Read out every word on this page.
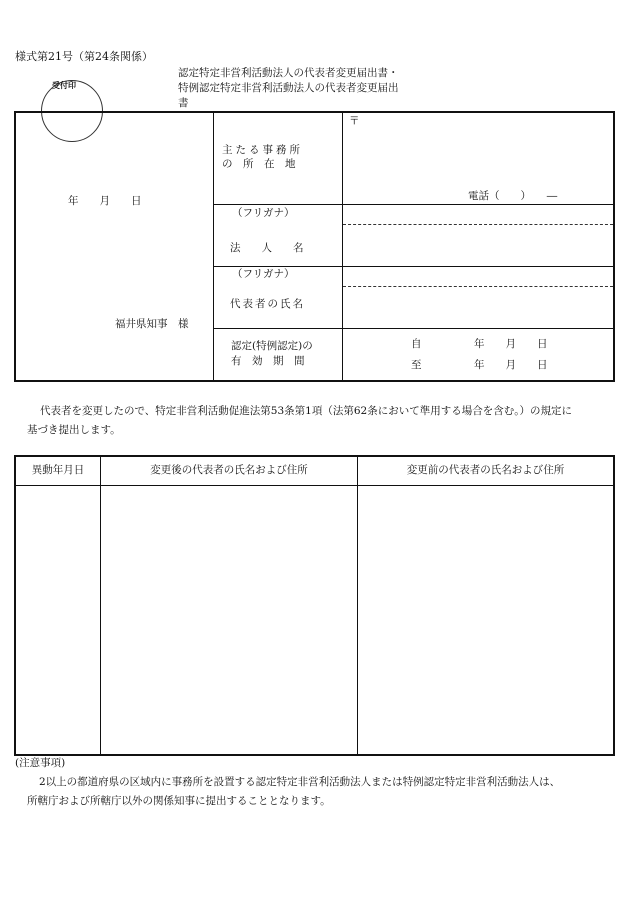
様式第21号（第24条関係）
受付印
認定特定非営利活動法人の代表者変更届出書・
特例認定特定非営利活動法人の代表者変更届出
書
年　　月　　日
福井県知事　様
主たる事務所
の　所　在　地
〒
電話（　　）　　―
（フリガナ）
法　　人　　名
（フリガナ）
代表者の氏名
認定(特例認定)の
有　効　期　間
自　　　　　年　　月　　日
至　　　　　年　　月　　日
代表者を変更したので、特定非営利活動促進法第53条第1項（法第62条において準用する場合を含む。）の規定に
基づき提出します。
異動年月日	変更後の代表者の氏名および住所	変更前の代表者の氏名および住所
(注意事項)
2以上の都道府県の区域内に事務所を設置する認定特定非営利活動法人または特例認定特定非営利活動法人は、
所轄庁および所轄庁以外の関係知事に提出することとなります。
